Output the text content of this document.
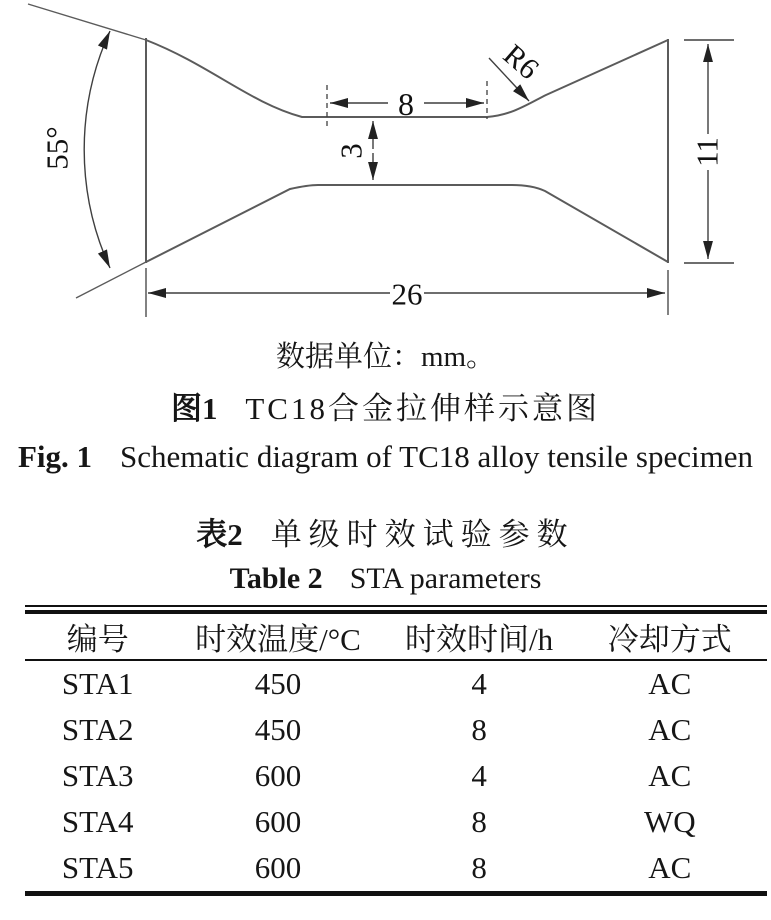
55°
R6
8
3
26
11
数据单位：mm。
图1 TC18合金拉伸样示意图
Fig. 1 Schematic diagram of TC18 alloy tensile specimen
表2 单级时效试验参数
Table 2 STA parameters
编号	时效温度/°C	时效时间/h	冷却方式
STA1	450	4	AC
STA2	450	8	AC
STA3	600	4	AC
STA4	600	8	WQ
STA5	600	8	AC
